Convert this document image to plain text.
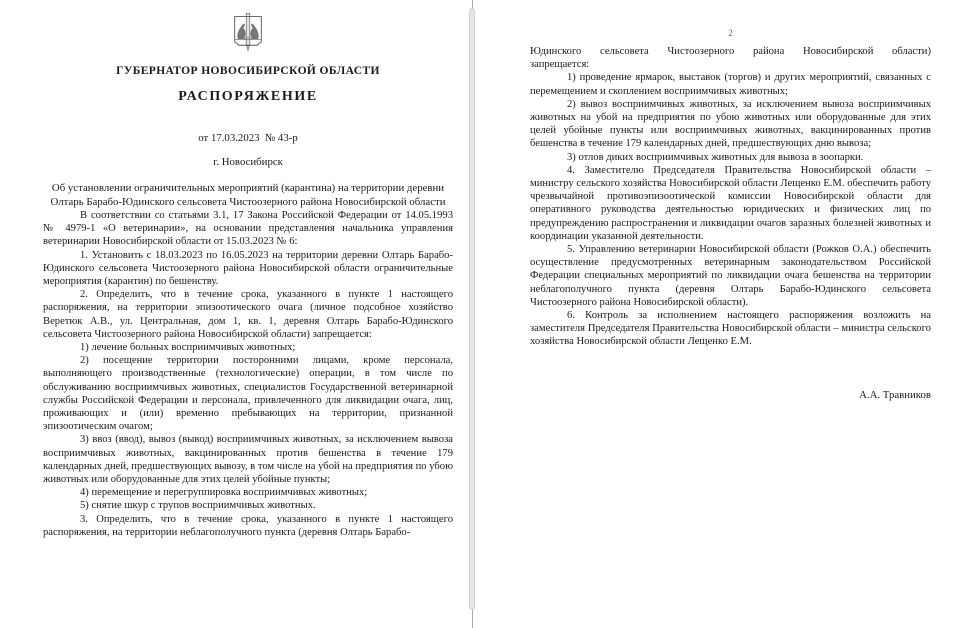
ГУБЕРНАТОР НОВОСИБИРСКОЙ ОБЛАСТИ
РАСПОРЯЖЕНИЕ
от 17.03.2023  № 43-р
г. Новосибирск
Об установлении ограничительных мероприятий (карантина) на территории деревни Олтарь Барабо-Юдинского сельсовета Чистоозерного района Новосибирской области

В соответствии со статьями 3.1, 17 Закона Российской Федерации от 14.05.1993 № 4979-1 «О ветеринарии», на основании представления начальника управления ветеринарии Новосибирской области от 15.03.2023 № 6:

1. Установить с 18.03.2023 по 16.05.2023 на территории деревни Олтарь Барабо-Юдинского сельсовета Чистоозерного района Новосибирской области ограничительные мероприятия (карантин) по бешенству.

2. Определить, что в течение срока, указанного в пункте 1 настоящего распоряжения, на территории эпизоотического очага (личное подсобное хозяйство Веретюк А.В., ул. Центральная, дом 1, кв. 1, деревня Олтарь Барабо-Юдинского сельсовета Чистоозерного района Новосибирской области) запрещается:

1) лечение больных восприимчивых животных;

2) посещение территории посторонними лицами, кроме персонала, выполняющего производственные (технологические) операции, в том числе по обслуживанию восприимчивых животных, специалистов Государственной ветеринарной службы Российской Федерации и персонала, привлеченного для ликвидации очага, лиц, проживающих и (или) временно пребывающих на территории, признанной эпизоотическим очагом;

3) ввоз (ввод), вывоз (вывод) восприимчивых животных, за исключением вывоза восприимчивых животных, вакцинированных против бешенства в течение 179 календарных дней, предшествующих вывозу, в том числе на убой на предприятия по убою животных или оборудованные для этих целей убойные пункты;

4) перемещение и перегруппировка восприимчивых животных;

5) снятие шкур с трупов восприимчивых животных.

3. Определить, что в течение срока, указанного в пункте 1 настоящего распоряжения, на территории неблагополучного пункта (деревня Олтарь Барабо-

2

Юдинского сельсовета Чистоозерного района Новосибирской области)

запрещается:

1) проведение ярмарок, выставок (торгов) и других мероприятий, связанных с перемещением и скоплением восприимчивых животных;

2) вывоз восприимчивых животных, за исключением вывоза восприимчивых животных на убой на предприятия по убою животных или оборудованные для этих целей убойные пункты или восприимчивых животных, вакцинированных против бешенства в течение 179 календарных дней, предшествующих дню вывоза;

3) отлов диких восприимчивых животных для вывоза в зоопарки.

4. Заместителю Председателя Правительства Новосибирской области – министру сельского хозяйства Новосибирской области Лещенко Е.М. обеспечить работу чрезвычайной противоэпизоотической комиссии Новосибирской области для оперативного руководства деятельностью юридических и физических лиц по предупреждению распространения и ликвидации очагов заразных болезней животных и координации указанной деятельности.

5. Управлению ветеринарии Новосибирской области (Рожков О.А.) обеспечить осуществление предусмотренных ветеринарным законодательством Российской Федерации специальных мероприятий по ликвидации очага бешенства на территории неблагополучного пункта (деревня Олтарь Барабо-Юдинского сельсовета Чистоозерного района Новосибирской области).

6. Контроль за исполнением настоящего распоряжения возложить на заместителя Председателя Правительства Новосибирской области – министра сельского хозяйства Новосибирской области Лещенко Е.М.

А.А. Травников
